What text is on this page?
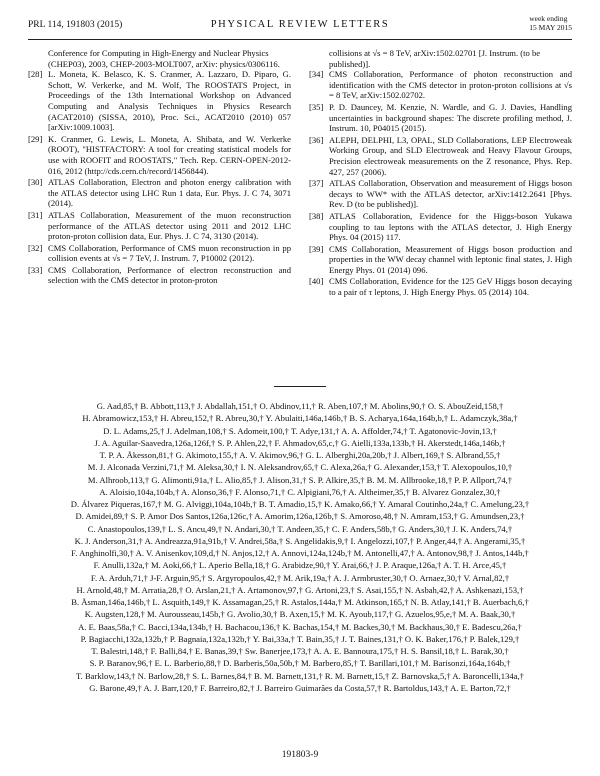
PRL 114, 191803 (2015)	PHYSICAL REVIEW LETTERS
week ending
15 MAY 2015
Conference for Computing in High-Energy and Nuclear Physics (CHEP03), 2003, CHEP-2003-MOLT007, arXiv: physics/0306116.
[28] L. Moneta, K. Belasco, K. S. Cranmer, A. Lazzaro, D. Piparo, G. Schott, W. Verkerke, and M. Wolf, The ROOSTATS Project, in Proceedings of the 13th International Workshop on Advanced Computing and Analysis Techniques in Physics Research (ACAT2010) (SISSA, 2010), Proc. Sci., ACAT2010 (2010) 057 [arXiv:1009.1003].
[29] K. Cranmer, G. Lewis, L. Moneta, A. Shibata, and W. Verkerke (ROOT), "HISTFACTORY: A tool for creating statistical models for use with ROOFIT and ROOSTATS," Tech. Rep. CERN-OPEN-2012-016, 2012 (http://cds.cern.ch/record/1456844).
[30] ATLAS Collaboration, Electron and photon energy calibration with the ATLAS detector using LHC Run 1 data, Eur. Phys. J. C 74, 3071 (2014).
[31] ATLAS Collaboration, Measurement of the muon reconstruction performance of the ATLAS detector using 2011 and 2012 LHC proton-proton collision data, Eur. Phys. J. C 74, 3130 (2014).
[32] CMS Collaboration, Performance of CMS muon reconstruction in pp collision events at √s = 7 TeV, J. Instrum. 7, P10002 (2012).
[33] CMS Collaboration, Performance of electron reconstruction and selection with the CMS detector in proton-proton
collisions at √s = 8 TeV, arXiv:1502.02701 [J. Instrum. (to be published)].
[34] CMS Collaboration, Performance of photon reconstruction and identification with the CMS detector in proton-proton collisions at √s = 8 TeV, arXiv:1502.02702.
[35] P. D. Dauncey, M. Kenzie, N. Wardle, and G. J. Davies, Handling uncertainties in background shapes: The discrete profiling method, J. Instrum. 10, P04015 (2015).
[36] ALEPH, DELPHI, L3, OPAL, SLD Collaborations, LEP Electroweak Working Group, and SLD Electroweak and Heavy Flavour Groups, Precision electroweak measurements on the Z resonance, Phys. Rep. 427, 257 (2006).
[37] ATLAS Collaboration, Observation and measurement of Higgs boson decays to WW* with the ATLAS detector, arXiv:1412.2641 [Phys. Rev. D (to be published)].
[38] ATLAS Collaboration, Evidence for the Higgs-boson Yukawa coupling to tau leptons with the ATLAS detector, J. High Energy Phys. 04 (2015) 117.
[39] CMS Collaboration, Measurement of Higgs boson production and properties in the WW decay channel with leptonic final states, J. High Energy Phys. 01 (2014) 096.
[40] CMS Collaboration, Evidence for the 125 GeV Higgs boson decaying to a pair of τ leptons, J. High Energy Phys. 05 (2014) 104.
G. Aad,85,† B. Abbott,113,† J. Abdallah,151,† O. Abdinov,11,† R. Aben,107,† M. Abolins,90,† O. S. AbouZeid,158,†
H. Abramowicz,153,† H. Abreu,152,† R. Abreu,30,† Y. Abulaiti,146a,146b,† B. S. Acharya,164a,164b,b,† L. Adamczyk,38a,†
D. L. Adams,25,† J. Adelman,108,† S. Adomeit,100,† T. Adye,131,† A. A. Affolder,74,† T. Agatonovic-Jovin,13,†
J. A. Aguilar-Saavedra,126a,126f,† S. P. Ahlen,22,† F. Ahmadov,65,c,† G. Aielli,133a,133b,† H. Akerstedt,146a,146b,†
T. P. A. Åkesson,81,† G. Akimoto,155,† A. V. Akimov,96,† G. L. Alberghi,20a,20b,† J. Albert,169,† S. Albrand,55,†
M. J. Alconada Verzini,71,† M. Aleksa,30,† I. N. Aleksandrov,65,† C. Alexa,26a,† G. Alexander,153,† T. Alexopoulos,10,†
M. Alhroob,113,† G. Alimonti,91a,† L. Alio,85,† J. Alison,31,† S. P. Alkire,35,† B. M. M. Allbrooke,18,† P. P. Allport,74,†
A. Aloisio,104a,104b,† A. Alonso,36,† F. Alonso,71,† C. Alpigiani,76,† A. Altheimer,35,† B. Alvarez Gonzalez,30,†
D. Álvarez Piqueras,167,† M. G. Alviggi,104a,104b,† B. T. Amadio,15,† K. Amako,66,† Y. Amaral Coutinho,24a,† C. Amelung,23,†
D. Amidei,89,† S. P. Amor Dos Santos,126a,126c,† A. Amorim,126a,126b,† S. Amoroso,48,† N. Amram,153,† G. Amundsen,23,†
C. Anastopoulos,139,† L. S. Ancu,49,† N. Andari,30,† T. Andeen,35,† C. F. Anders,58b,† G. Anders,30,† J. K. Anders,74,†
K. J. Anderson,31,† A. Andreazza,91a,91b,† V. Andrei,58a,† S. Angelidakis,9,† I. Angelozzi,107,† P. Anger,44,† A. Angerami,35,†
F. Anghinolfi,30,† A. V. Anisenkov,109,d,† N. Anjos,12,† A. Annovi,124a,124b,† M. Antonelli,47,† A. Antonov,98,† J. Antos,144b,†
F. Anulli,132a,† M. Aoki,66,† L. Aperio Bella,18,† G. Arabidze,90,† Y. Arai,66,† J. P. Araque,126a,† A. T. H. Arce,45,†
F. A. Arduh,71,† J-F. Arguin,95,† S. Argyropoulos,42,† M. Arik,19a,† A. J. Armbruster,30,† O. Arnaez,30,† V. Arnal,82,†
H. Arnold,48,† M. Arratia,28,† O. Arslan,21,† A. Artamonov,97,† G. Artoni,23,† S. Asai,155,† N. Asbah,42,† A. Ashkenazi,153,†
B. Åsman,146a,146b,† L. Asquith,149,† K. Assamagan,25,† R. Astalos,144a,† M. Atkinson,165,† N. B. Atlay,141,† B. Auerbach,6,†
K. Augsten,128,† M. Aurousseau,145b,† G. Avolio,30,† B. Axen,15,† M. K. Ayoub,117,† G. Azuelos,95,e,† M. A. Baak,30,†
A. E. Baas,58a,† C. Bacci,134a,134b,† H. Bachacou,136,† K. Bachas,154,† M. Backes,30,† M. Backhaus,30,† E. Badescu,26a,†
P. Bagiacchi,132a,132b,† P. Bagnaia,132a,132b,† Y. Bai,33a,† T. Bain,35,† J. T. Baines,131,† O. K. Baker,176,† P. Balek,129,†
T. Balestri,148,† F. Balli,84,† E. Banas,39,† Sw. Banerjee,173,† A. A. E. Bannoura,175,† H. S. Bansil,18,† L. Barak,30,†
S. P. Baranov,96,† E. L. Barberio,88,† D. Barberis,50a,50b,† M. Barbero,85,† T. Barillari,101,† M. Barisonzi,164a,164b,†
T. Barklow,143,† N. Barlow,28,† S. L. Barnes,84,† B. M. Barnett,131,† R. M. Barnett,15,† Z. Barnovska,5,† A. Baroncelli,134a,†
G. Barone,49,† A. J. Barr,120,† F. Barreiro,82,† J. Barreiro Guimarães da Costa,57,† R. Bartoldus,143,† A. E. Barton,72,†
191803-9
